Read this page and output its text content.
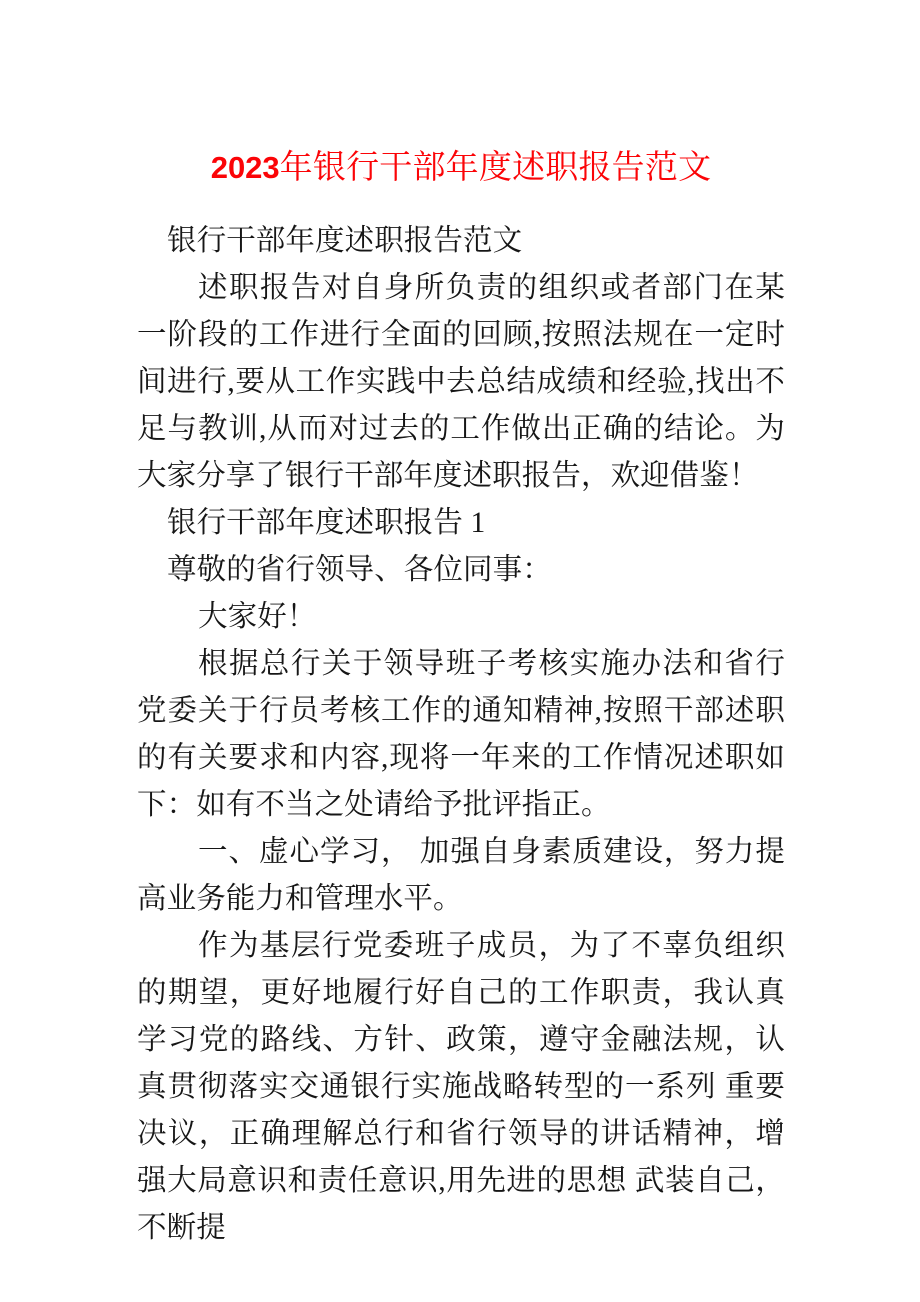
2023年银行干部年度述职报告范文

银行干部年度述职报告范文

述职报告对自身所负责的组织或者部门在某一阶段的工作进行全面的回顾,按照法规在一定时间进行,要从工作实践中去总结成绩和经验,找出不足与教训,从而对过去的工作做出正确的结论。为大家分享了银行干部年度述职报告，欢迎借鉴！

银行干部年度述职报告 1

尊敬的省行领导、各位同事：

大家好！

根据总行关于领导班子考核实施办法和省行党委关于行员考核工作的通知精神,按照干部述职的有关要求和内容,现将一年来的工作情况述职如下：如有不当之处请给予批评指正。

一、虚心学习， 加强自身素质建设，努力提高业务能力和管理水平。

作为基层行党委班子成员，为了不辜负组织的期望，更好地履行好自己的工作职责，我认真 学习党的路线、方针、政策，遵守金融法规，认真贯彻落实交通银行实施战略转型的一系列 重要决议，正确理解总行和省行领导的讲话精神，增强大局意识和责任意识,用先进的思想 武装自己，不断提
